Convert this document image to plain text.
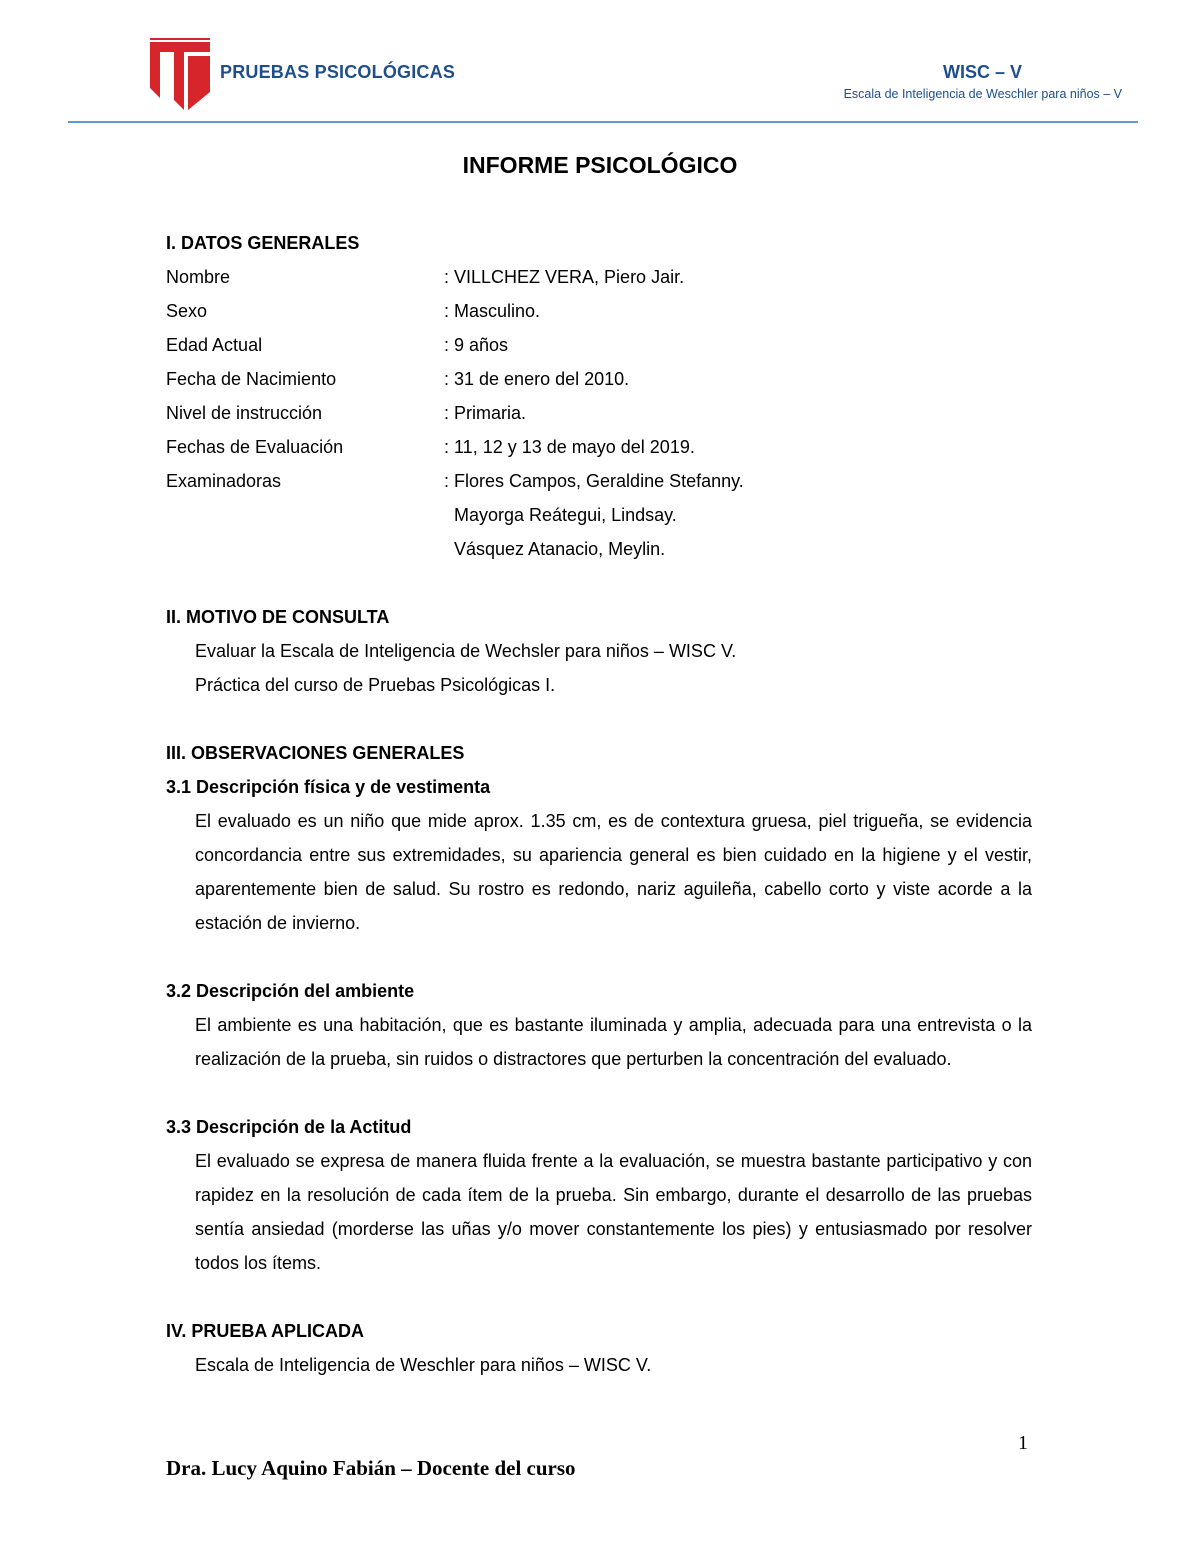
PRUEBAS PSICOLÓGICAS	WISC – V
Escala de Inteligencia de Weschler para niños – V
INFORME PSICOLÓGICO
I. DATOS GENERALES
Nombre	: VILLCHEZ VERA, Piero Jair.
Sexo	: Masculino.
Edad Actual	: 9 años
Fecha de Nacimiento	: 31 de enero del 2010.
Nivel de instrucción	: Primaria.
Fechas de Evaluación	: 11, 12 y 13 de mayo del 2019.
Examinadoras	: Flores Campos, Geraldine Stefanny.
Mayorga Reátegui, Lindsay.
Vásquez Atanacio, Meylin.
II. MOTIVO DE CONSULTA
Evaluar la Escala de Inteligencia de Wechsler para niños – WISC V.
Práctica del curso de Pruebas Psicológicas I.
III. OBSERVACIONES GENERALES
3.1 Descripción física y de vestimenta
El evaluado es un niño que mide aprox. 1.35 cm, es de contextura gruesa, piel trigueña, se evidencia concordancia entre sus extremidades, su apariencia general es bien cuidado en la higiene y el vestir, aparentemente bien de salud. Su rostro es redondo, nariz aguileña, cabello corto y viste acorde a la estación de invierno.
3.2 Descripción del ambiente
El ambiente es una habitación, que es bastante iluminada y amplia, adecuada para una entrevista o la realización de la prueba, sin ruidos o distractores que perturben la concentración del evaluado.
3.3 Descripción de la Actitud
El evaluado se expresa de manera fluida frente a la evaluación, se muestra bastante participativo y con rapidez en la resolución de cada ítem de la prueba. Sin embargo, durante el desarrollo de las pruebas sentía ansiedad (morderse las uñas y/o mover constantemente los pies) y entusiasmado por resolver todos los ítems.
IV. PRUEBA APLICADA
Escala de Inteligencia de Weschler para niños – WISC V.
1
Dra. Lucy Aquino Fabián – Docente del curso
